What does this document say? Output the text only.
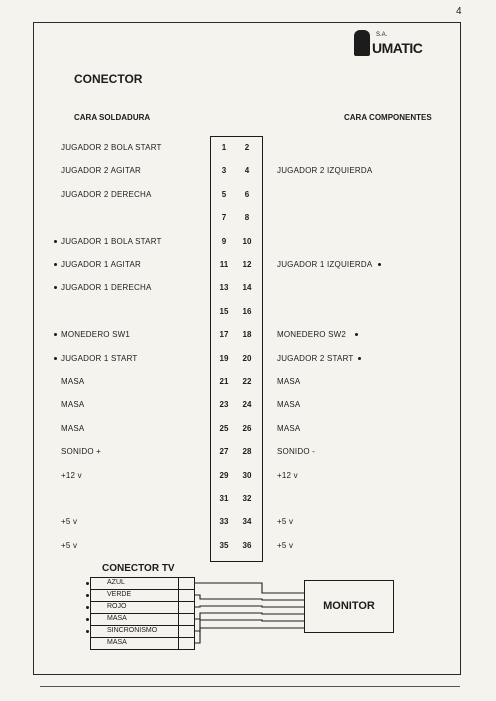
4
S.A.
UMATIC
CONECTOR
CARA SOLDADURA	CARA COMPONENTES
JUGADOR 2 BOLA START	1	2
JUGADOR 2 AGITAR	3	4	JUGADOR 2 IZQUIERDA
JUGADOR 2 DERECHA	5	6
7	8
JUGADOR 1 BOLA START	9	10
JUGADOR 1 AGITAR	11	12	JUGADOR 1 IZQUIERDA
JUGADOR 1 DERECHA	13	14
15	16
MONEDERO SW1	17	18	MONEDERO SW2
JUGADOR 1 START	19	20	JUGADOR 2 START
MASA	21	22	MASA
MASA	23	24	MASA
MASA	25	26	MASA
SONIDO +	27	28	SONIDO -
+12 v	29	30	+12 v
31	32
+5 v	33	34	+5 v
+5 v	35	36	+5 v
CONECTOR TV
AZUL
VERDE
ROJO
MASA
SINCRONISMO
MASA
MONITOR
